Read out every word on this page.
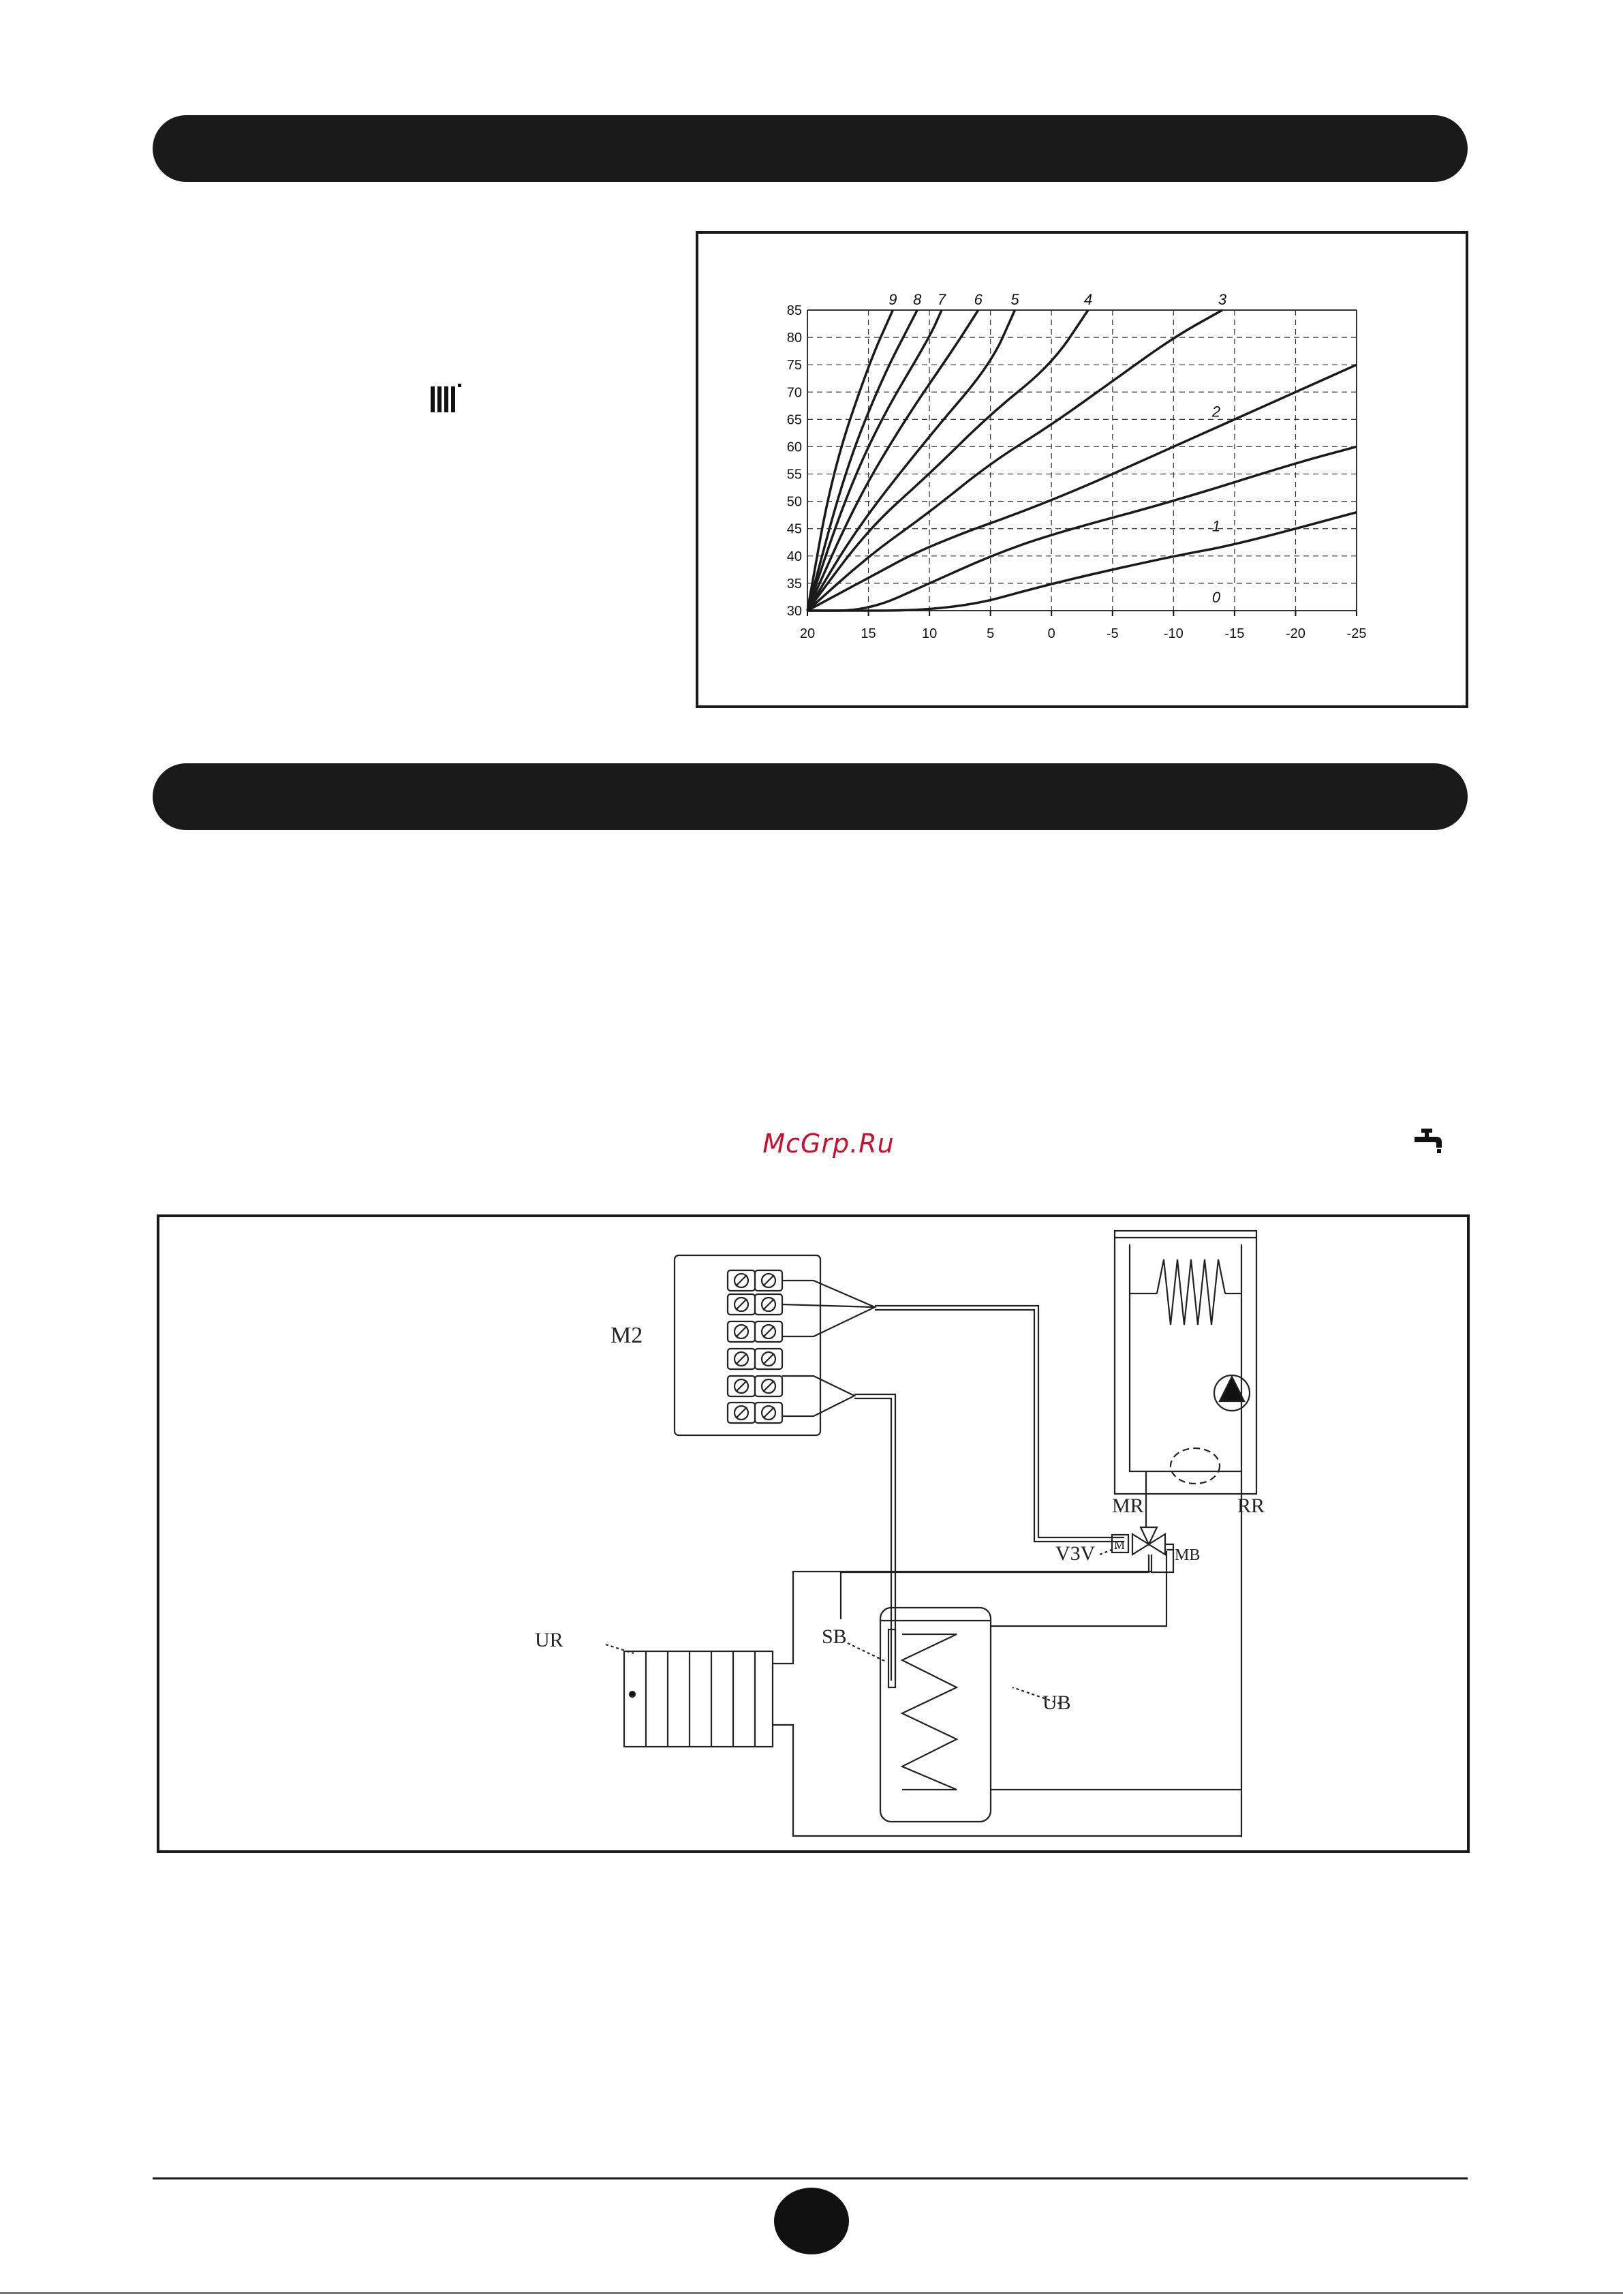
30
35
40
45
50
55
60
65
70
75
80
85
20	15	10	5	0	-5	-10	-15	-20	-25
0
1
2
3
4
5
6
7
8
9
McGrp.Ru
M2
MR	RR
V3V M
MB
UR	SB
UB
